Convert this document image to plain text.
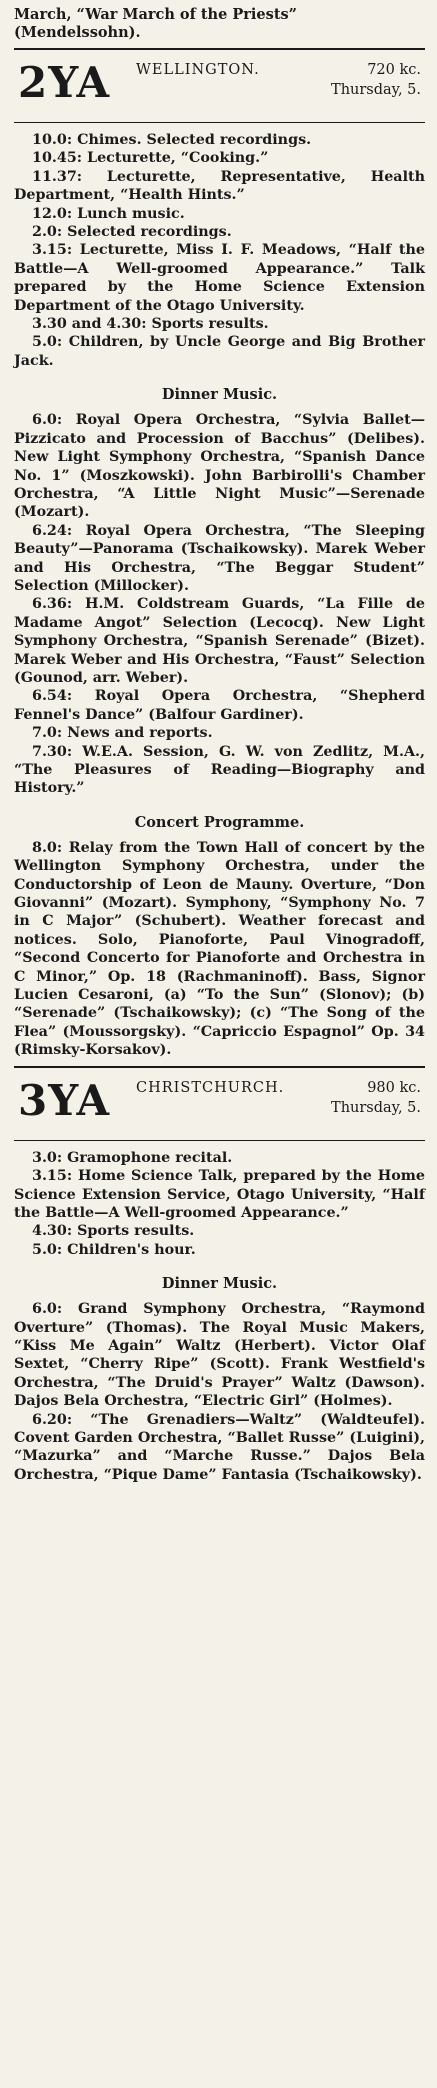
March, “War March of the Priests” (Mendelssohn).

2YA WELLINGTON.	720 kc.
Thursday, 5.
10.0: Chimes. Selected recordings.
10.45: Lecturette, “Cooking.”
11.37: Lecturette, Representative, Health Department, “Health Hints.”
12.0: Lunch music.
2.0: Selected recordings.
3.15: Lecturette, Miss I. F. Meadows, “Half the Battle—A Well-groomed Appearance.” Talk prepared by the Home Science Extension Department of the Otago University.
3.30 and 4.30: Sports results.
5.0: Children, by Uncle George and Big Brother Jack.
Dinner Music.
6.0: Royal Opera Orchestra, “Sylvia Ballet—Pizzicato and Procession of Bacchus” (Delibes). New Light Symphony Orchestra, “Spanish Dance No. 1” (Moszkowski). John Barbirolli's Chamber Orchestra, “A Little Night Music”—Serenade (Mozart).
6.24: Royal Opera Orchestra, “The Sleeping Beauty”—Panorama (Tschaikowsky). Marek Weber and His Orchestra, “The Beggar Student” Selection (Millocker).
6.36: H.M. Coldstream Guards, “La Fille de Madame Angot” Selection (Lecocq). New Light Symphony Orchestra, “Spanish Serenade” (Bizet). Marek Weber and His Orchestra, “Faust” Selection (Gounod, arr. Weber).
6.54: Royal Opera Orchestra, “Shepherd Fennel's Dance” (Balfour Gardiner).
7.0: News and reports.
7.30: W.E.A. Session, G. W. von Zedlitz, M.A., “The Pleasures of Reading—Biography and History.”
Concert Programme.
8.0: Relay from the Town Hall of concert by the Wellington Symphony Orchestra, under the Conductorship of Leon de Mauny. Overture, “Don Giovanni” (Mozart). Symphony, “Symphony No. 7 in C Major” (Schubert). Weather forecast and notices. Solo, Pianoforte, Paul Vinogradoff, “Second Concerto for Pianoforte and Orchestra in C Minor,” Op. 18 (Rachmaninoff). Bass, Signor Lucien Cesaroni, (a) “To the Sun” (Slonov); (b) “Serenade” (Tschaikowsky); (c) “The Song of the Flea” (Moussorgsky). “Capriccio Espagnol” Op. 34 (Rimsky-Korsakov).
3YA CHRISTCHURCH.	980 kc.
Thursday, 5.
3.0: Gramophone recital.
3.15: Home Science Talk, prepared by the Home Science Extension Service, Otago University, “Half the Battle—A Well-groomed Appearance.”
4.30: Sports results.
5.0: Children's hour.
Dinner Music.
6.0: Grand Symphony Orchestra, “Raymond Overture” (Thomas). The Royal Music Makers, “Kiss Me Again” Waltz (Herbert). Victor Olaf Sextet, “Cherry Ripe” (Scott). Frank Westfield's Orchestra, “The Druid's Prayer” Waltz (Dawson). Dajos Bela Orchestra, “Electric Girl” (Holmes).
6.20: “The Grenadiers—Waltz” (Waldteufel). Covent Garden Orchestra, “Ballet Russe” (Luigini), “Mazurka” and “Marche Russe.” Dajos Bela Orchestra, “Pique Dame” Fantasia (Tschaikowsky).
